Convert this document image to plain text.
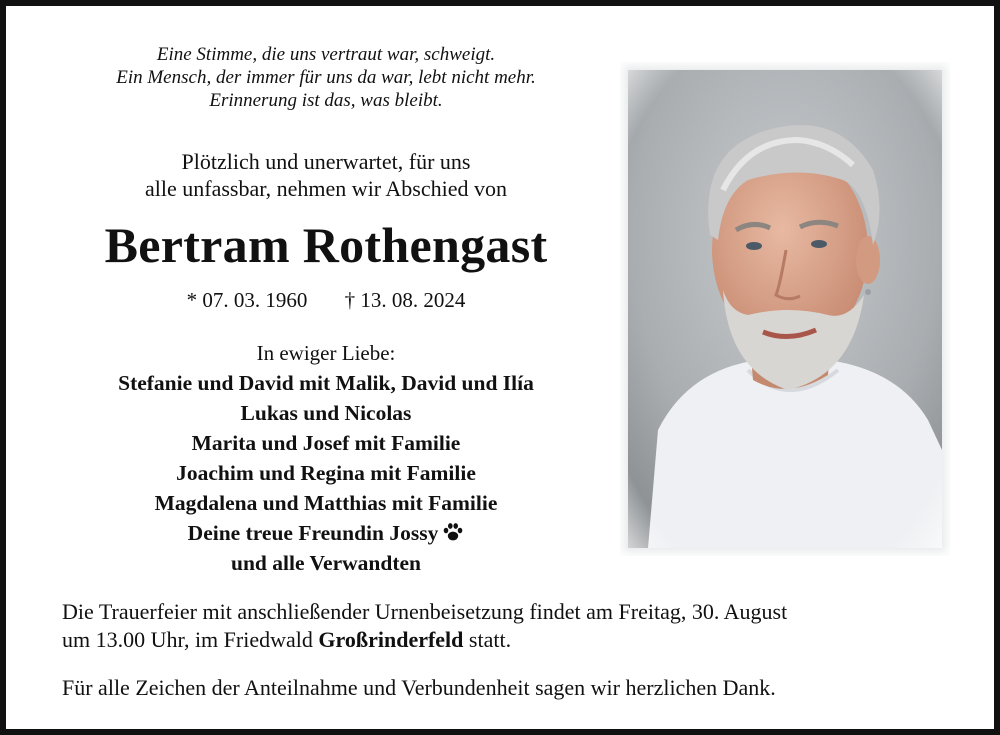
Eine Stimme, die uns vertraut war, schweigt.
Ein Mensch, der immer für uns da war, lebt nicht mehr.
Erinnerung ist das, was bleibt.
Plötzlich und unerwartet, für uns
alle unfassbar, nehmen wir Abschied von
Bertram Rothengast
* 07. 03. 1960 † 13. 08. 2024
In ewiger Liebe:
Stefanie und David mit Malik, David und Ilía
Lukas und Nicolas
Marita und Josef mit Familie
Joachim und Regina mit Familie
Magdalena und Matthias mit Familie
Deine treue Freundin Jossy
und alle Verwandten
Die Trauerfeier mit anschließender Urnenbeisetzung findet am Freitag, 30. August
um 13.00 Uhr, im Friedwald Großrinderfeld statt.
Für alle Zeichen der Anteilnahme und Verbundenheit sagen wir herzlichen Dank.
